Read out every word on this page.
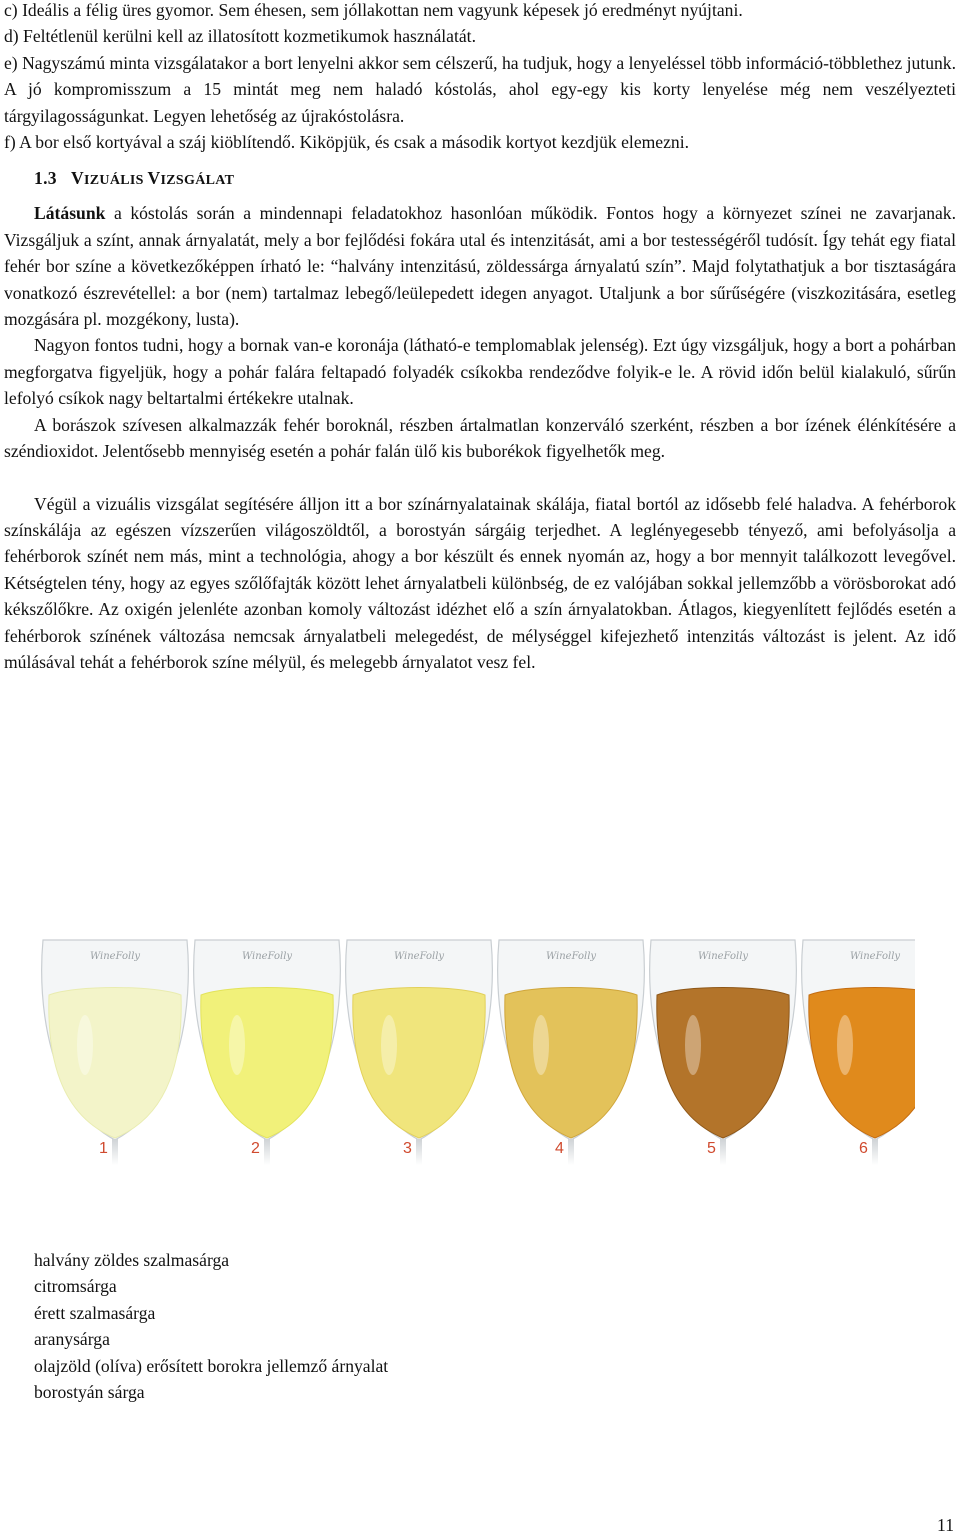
c) Ideális a félig üres gyomor. Sem éhesen, sem jóllakottan nem vagyunk képesek jó eredményt nyújtani.

d) Feltétlenül kerülni kell az illatosított kozmetikumok használatát.

e) Nagyszámú minta vizsgálatakor a bort lenyelni akkor sem célszerű, ha tudjuk, hogy a lenyeléssel több információ-többlethez jutunk. A jó kompromisszum a 15 mintát meg nem haladó kóstolás, ahol egy-egy kis korty lenyelése még nem veszélyezteti tárgyilagosságunkat. Legyen lehetőség az újrakóstolásra.

f) A bor első kortyával a száj kiöblítendő. Kiköpjük, és csak a második kortyot kezdjük elemezni.

1.3 VIZUÁLIS VIZSGÁLAT

Látásunk a kóstolás során a mindennapi feladatokhoz hasonlóan működik. Fontos hogy a környezet színei ne zavarjanak. Vizsgáljuk a színt, annak árnyalatát, mely a bor fejlődési fokára utal és intenzitását, ami a bor testességéről tudósít. Így tehát egy fiatal fehér bor színe a következőképpen írható le: “halvány intenzitású, zöldessárga árnyalatú szín”. Majd folytathatjuk a bor tisztaságára vonatkozó észrevétellel: a bor (nem) tartalmaz lebegő/leülepedett idegen anyagot. Utaljunk a bor sűrűségére (viszkozitására, esetleg mozgására pl. mozgékony, lusta).

Nagyon fontos tudni, hogy a bornak van-e koronája (látható-e templomablak jelenség). Ezt úgy vizsgáljuk, hogy a bort a pohárban megforgatva figyeljük, hogy a pohár falára feltapadó folyadék csíkokba rendeződve folyik-e le. A rövid időn belül kialakuló, sűrűn lefolyó csíkok nagy beltartalmi értékekre utalnak.

A borászok szívesen alkalmazzák fehér boroknál, részben ártalmatlan konzerváló szerként, részben a bor ízének élénkítésére a széndioxidot. Jelentősebb mennyiség esetén a pohár falán ülő kis buborékok figyelhetők meg.

Végül a vizuális vizsgálat segítésére álljon itt a bor színárnyalatainak skálája, fiatal bortól az idősebb felé haladva. A fehérborok színskálája az egészen vízszerűen világoszöldtől, a borostyán sárgáig terjedhet. A leglényegesebb tényező, ami befolyásolja a fehérborok színét nem más, mint a technológia, ahogy a bor készült és ennek nyomán az, hogy a bor mennyit találkozott levegővel. Kétségtelen tény, hogy az egyes szőlőfajták között lehet árnyalatbeli különbség, de ez valójában sokkal jellemzőbb a vörösborokat adó kékszőlőkre. Az oxigén jelenléte azonban komoly változást idézhet elő a szín árnyalatokban. Átlagos, kiegyenlített fejlődés esetén a fehérborok színének változása nemcsak árnyalatbeli melegedést, de mélységgel kifejezhető intenzitás változást is jelent. Az idő múlásával tehát a fehérborok színe mélyül, és melegebb árnyalatot vesz fel.

WineFolly	WineFolly	WineFolly	WineFolly	WineFolly	WineFolly
1	2	3	4	5	6
halvány zöldes szalmasárga
citromsárga
érett szalmasárga
aranysárga
olajzöld (olíva) erősített borokra jellemző árnyalat
borostyán sárga
11
